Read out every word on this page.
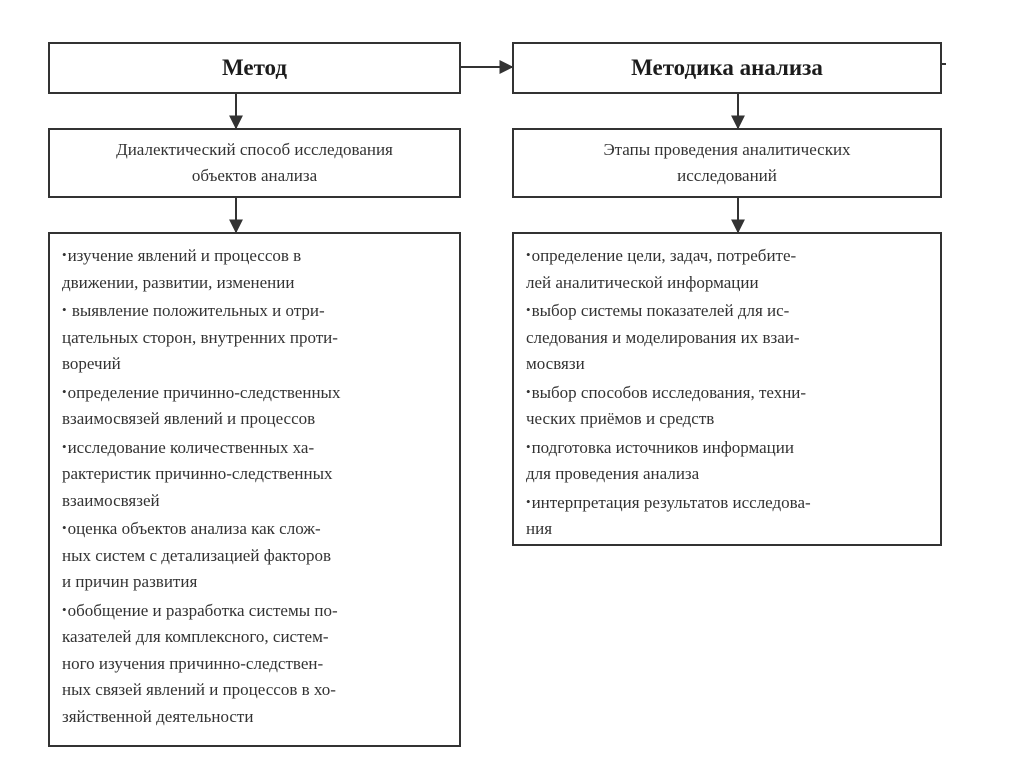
Метод
Диалектический способ исследования
объектов анализа
•изучение явлений и процессов в
движении, развитии, изменении
• выявление положительных и отри-
цательных сторон, внутренних проти-
воречий
•определение причинно-следственных
взаимосвязей явлений и процессов
•исследование количественных ха-
рактеристик причинно-следственных
взаимосвязей
•оценка объектов анализа как слож-
ных систем с детализацией факторов
и причин развития
•обобщение и разработка системы по-
казателей для комплексного, систем-
ного изучения причинно-следствен-
ных связей явлений и процессов в хо-
зяйственной деятельности
Методика анализа
Этапы проведения аналитических
исследований
•определение цели, задач, потребите-
лей аналитической информации
•выбор системы показателей для ис-
следования и моделирования их взаи-
мосвязи
•выбор способов исследования, техни-
ческих приёмов и средств
•подготовка источников информации
для проведения анализа
•интерпретация результатов исследова-
ния
